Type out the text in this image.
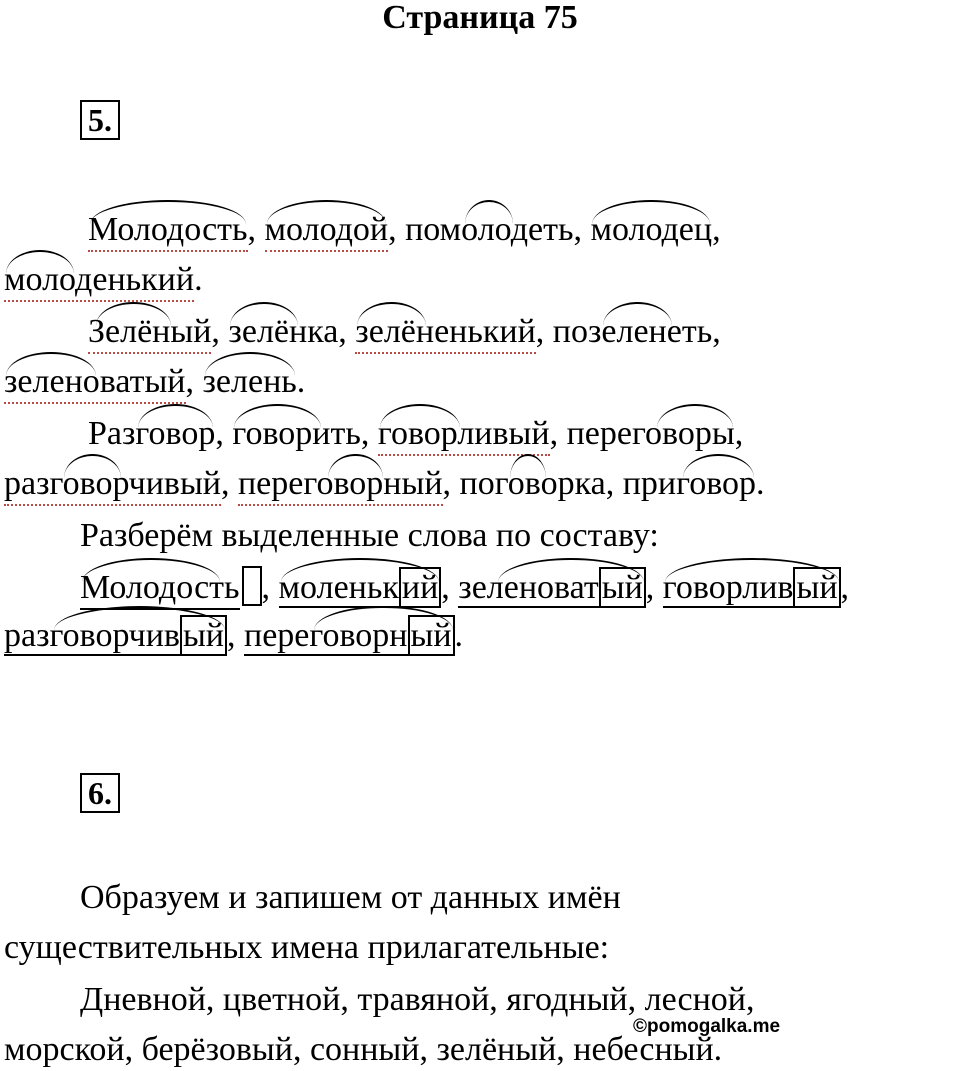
Страница 75
5.
Молодость,
молодой,
помолодеть,
молодец,
молоденький.
Зелёный,
зелёнка,
зелёненький,
позеленеть,
зеленоватый,
зелень.
Разговор,
говорить,
говорливый,
переговоры,
разговорчивый,
переговорный,
поговорка,
приговор.
Разберём выделенные слова по составу:
Молодость ,
моленький,
зеленоватый,
говорливый,
разговорчивый,
переговорный.
6.
Образуем и запишем от данных имён
существительных имена прилагательные:
Дневной, цветной, травяной, ягодный, лесной,
морской, берёзовый, сонный, зелёный, небесный.
©pomogalka.me
